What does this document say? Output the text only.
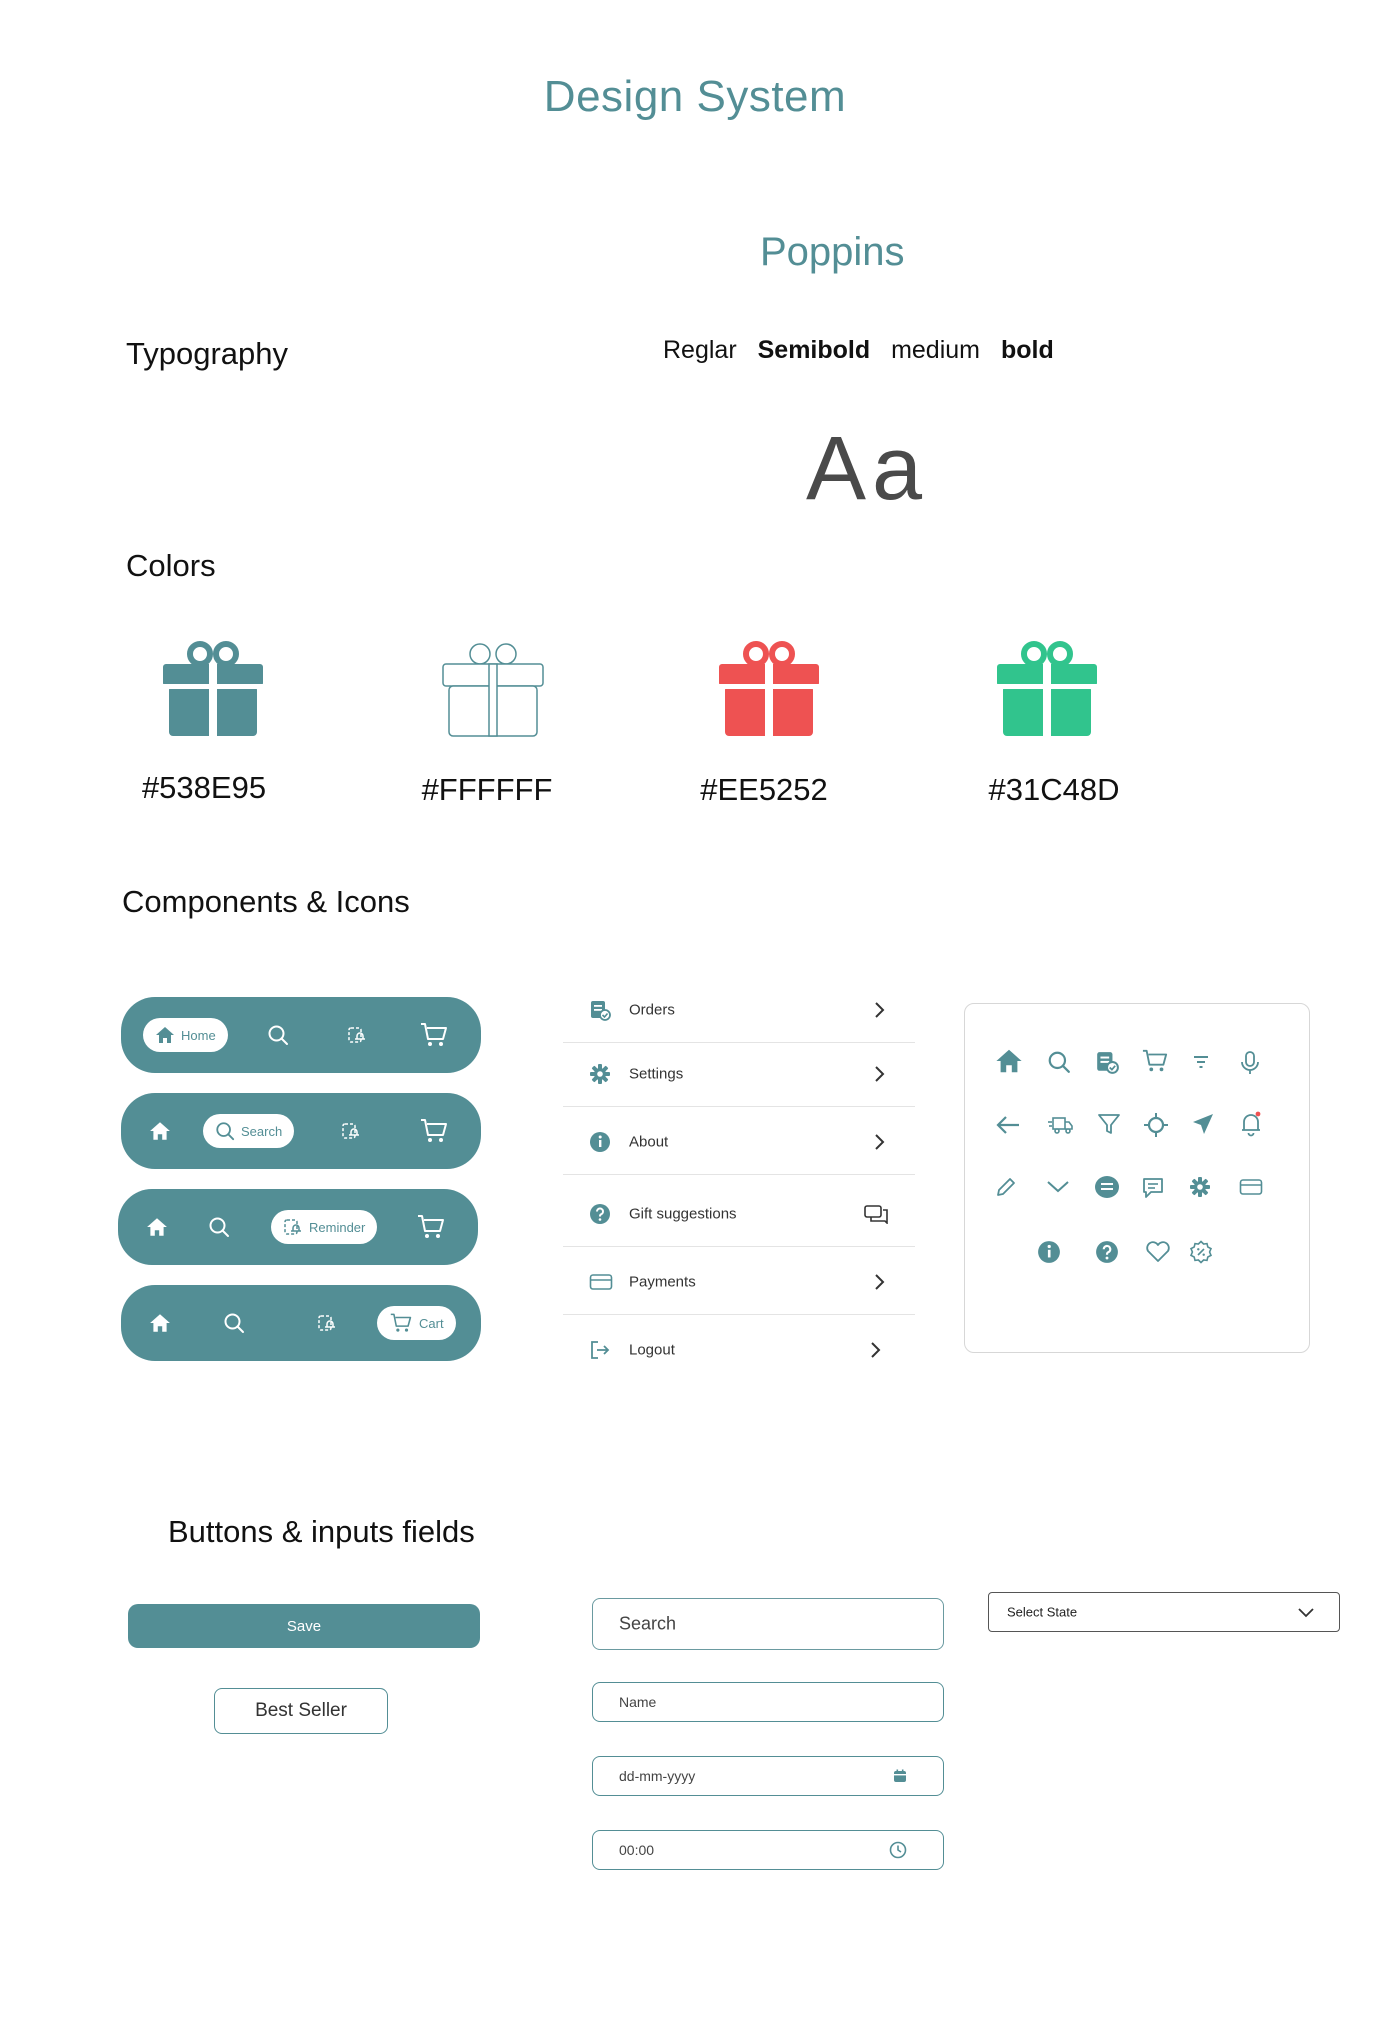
Design System
Poppins
Typography	Reglar Semibold medium bold
Aa
Colors
#538E95	#FFFFFF	#EE5252	#31C48D
Components & Icons
Home
Search
Reminder
Cart
Orders
Settings
About
Gift suggestions
Payments
Logout
Buttons & inputs fields
Save
Best Seller
Search
Name
dd-mm-yyyy
00:00
Select State
